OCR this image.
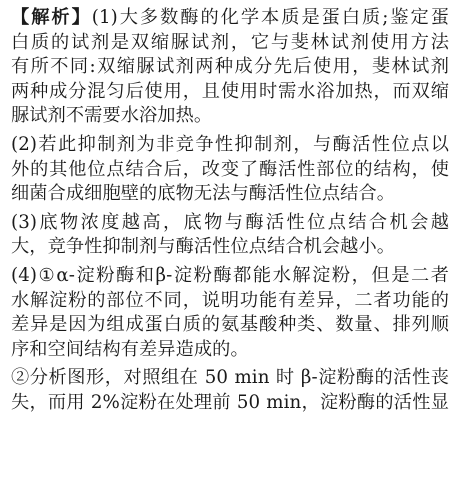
【解析】(1)大多数酶的化学本质是蛋白质;鉴定蛋
白质的试剂是双缩脲试剂，它与斐林试剂使用方法
有所不同:双缩脲试剂两种成分先后使用，斐林试剂
两种成分混匀后使用，且使用时需水浴加热，而双缩
脲试剂不需要水浴加热。
(2)若此抑制剂为非竞争性抑制剂，与酶活性位点以
外的其他位点结合后，改变了酶活性部位的结构，使
细菌合成细胞壁的底物无法与酶活性位点结合。
(3)底物浓度越高，底物与酶活性位点结合机会越
大，竞争性抑制剂与酶活性位点结合机会越小。
(4)①α-淀粉酶和β-淀粉酶都能水解淀粉，但是二者
水解淀粉的部位不同，说明功能有差异，二者功能的
差异是因为组成蛋白质的氨基酸种类、数量、排列顺
序和空间结构有差异造成的。
②分析图形，对照组在 50 min 时 β-淀粉酶的活性丧
失，而用 2%淀粉在处理前 50 min，淀粉酶的活性显
